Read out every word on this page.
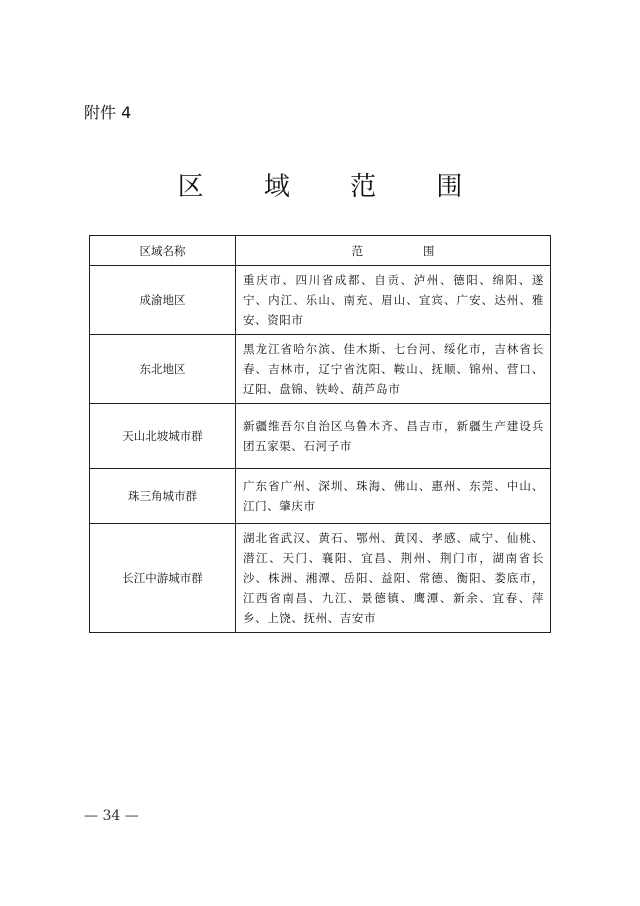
附件 4
区 域 范 围
区域名称	范 围
成渝地区	重庆市、四川省成都、自贡、泸州、德阳、绵阳、遂宁、内江、乐山、南充、眉山、宜宾、广安、达州、雅安、资阳市
东北地区	黑龙江省哈尔滨、佳木斯、七台河、绥化市，吉林省长春、吉林市，辽宁省沈阳、鞍山、抚顺、锦州、营口、辽阳、盘锦、铁岭、葫芦岛市
天山北坡城市群	新疆维吾尔自治区乌鲁木齐、昌吉市，新疆生产建设兵团五家渠、石河子市
珠三角城市群	广东省广州、深圳、珠海、佛山、惠州、东莞、中山、江门、肇庆市
长江中游城市群	湖北省武汉、黄石、鄂州、黄冈、孝感、咸宁、仙桃、潜江、天门、襄阳、宜昌、荆州、荆门市，湖南省长沙、株洲、湘潭、岳阳、益阳、常德、衡阳、娄底市，江西省南昌、九江、景德镇、鹰潭、新余、宜春、萍乡、上饶、抚州、吉安市
— 34 —
